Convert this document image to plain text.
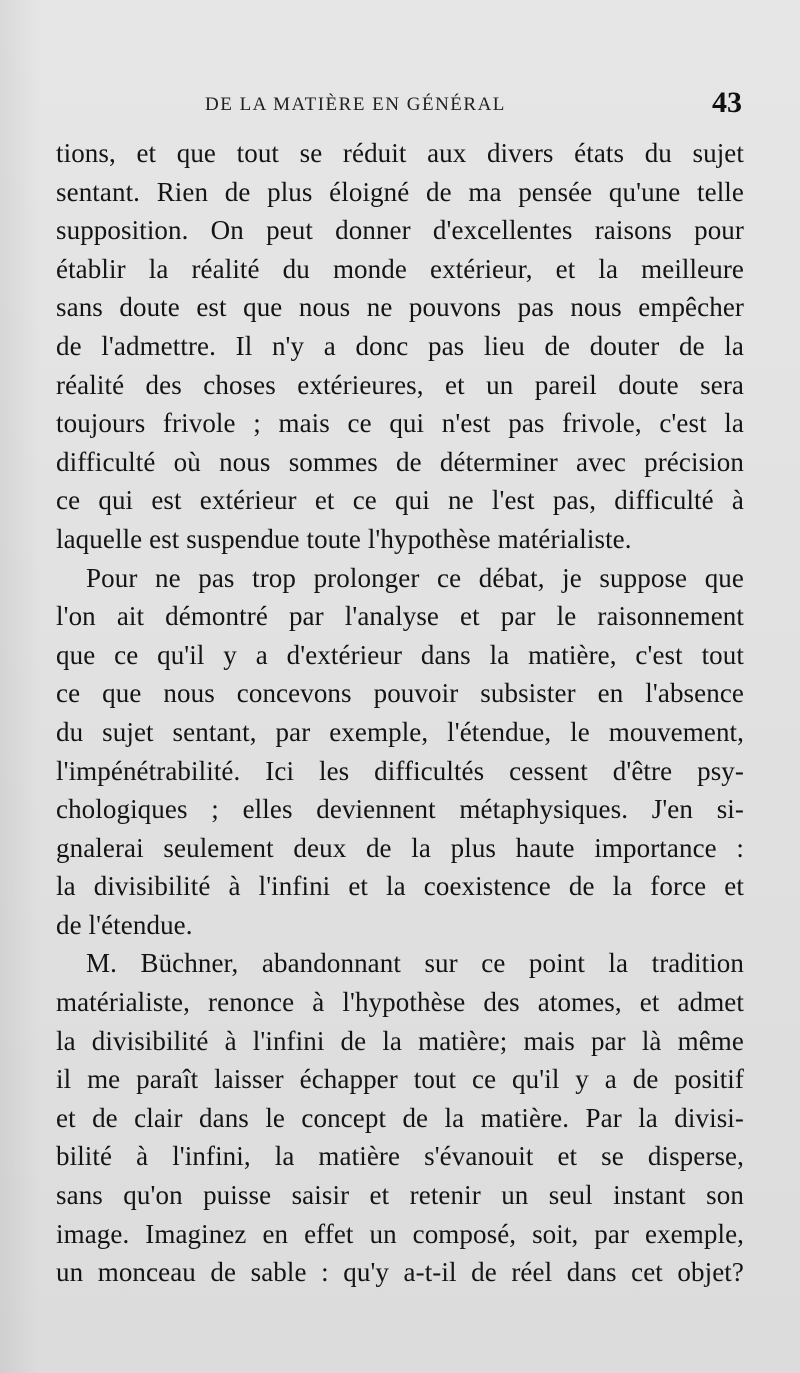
DE LA MATIÈRE EN GÉNÉRAL	43
tions, et que tout se réduit aux divers états du sujet
sentant. Rien de plus éloigné de ma pensée qu'une telle
supposition. On peut donner d'excellentes raisons pour
établir la réalité du monde extérieur, et la meilleure
sans doute est que nous ne pouvons pas nous empêcher
de l'admettre. Il n'y a donc pas lieu de douter de la
réalité des choses extérieures, et un pareil doute sera
toujours frivole ; mais ce qui n'est pas frivole, c'est la
difficulté où nous sommes de déterminer avec précision
ce qui est extérieur et ce qui ne l'est pas, difficulté à
laquelle est suspendue toute l'hypothèse matérialiste.
Pour ne pas trop prolonger ce débat, je suppose que
l'on ait démontré par l'analyse et par le raisonnement
que ce qu'il y a d'extérieur dans la matière, c'est tout
ce que nous concevons pouvoir subsister en l'absence
du sujet sentant, par exemple, l'étendue, le mouvement,
l'impénétrabilité. Ici les difficultés cessent d'être psy-
chologiques ; elles deviennent métaphysiques. J'en si-
gnalerai seulement deux de la plus haute importance :
la divisibilité à l'infini et la coexistence de la force et
de l'étendue.
M. Büchner, abandonnant sur ce point la tradition
matérialiste, renonce à l'hypothèse des atomes, et admet
la divisibilité à l'infini de la matière; mais par là même
il me paraît laisser échapper tout ce qu'il y a de positif
et de clair dans le concept de la matière. Par la divisi-
bilité à l'infini, la matière s'évanouit et se disperse,
sans qu'on puisse saisir et retenir un seul instant son
image. Imaginez en effet un composé, soit, par exemple,
un monceau de sable : qu'y a-t-il de réel dans cet objet?
